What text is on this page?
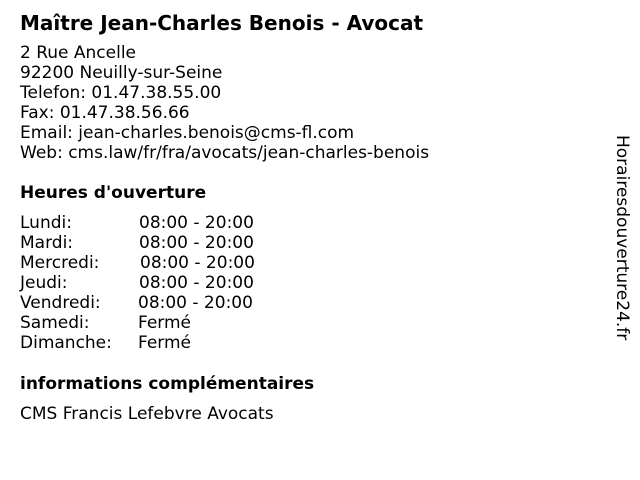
Maître Jean-Charles Benois - Avocat
2 Rue Ancelle
92200 Neuilly-sur-Seine
Telefon: 01.47.38.55.00
Fax: 01.47.38.56.66
Email: jean-charles.benois@cms-fl.com
Web: cms.law/fr/fra/avocats/jean-charles-benois
Heures d'ouverture
Lundi:	08:00 - 20:00
Mardi:	08:00 - 20:00
Mercredi: 08:00 - 20:00
Jeudi:	08:00 - 20:00
Vendredi: 08:00 - 20:00
Samedi:	Fermé
Dimanche: Fermé
informations complémentaires
CMS Francis Lefebvre Avocats
Horairesdouverture24.fr
